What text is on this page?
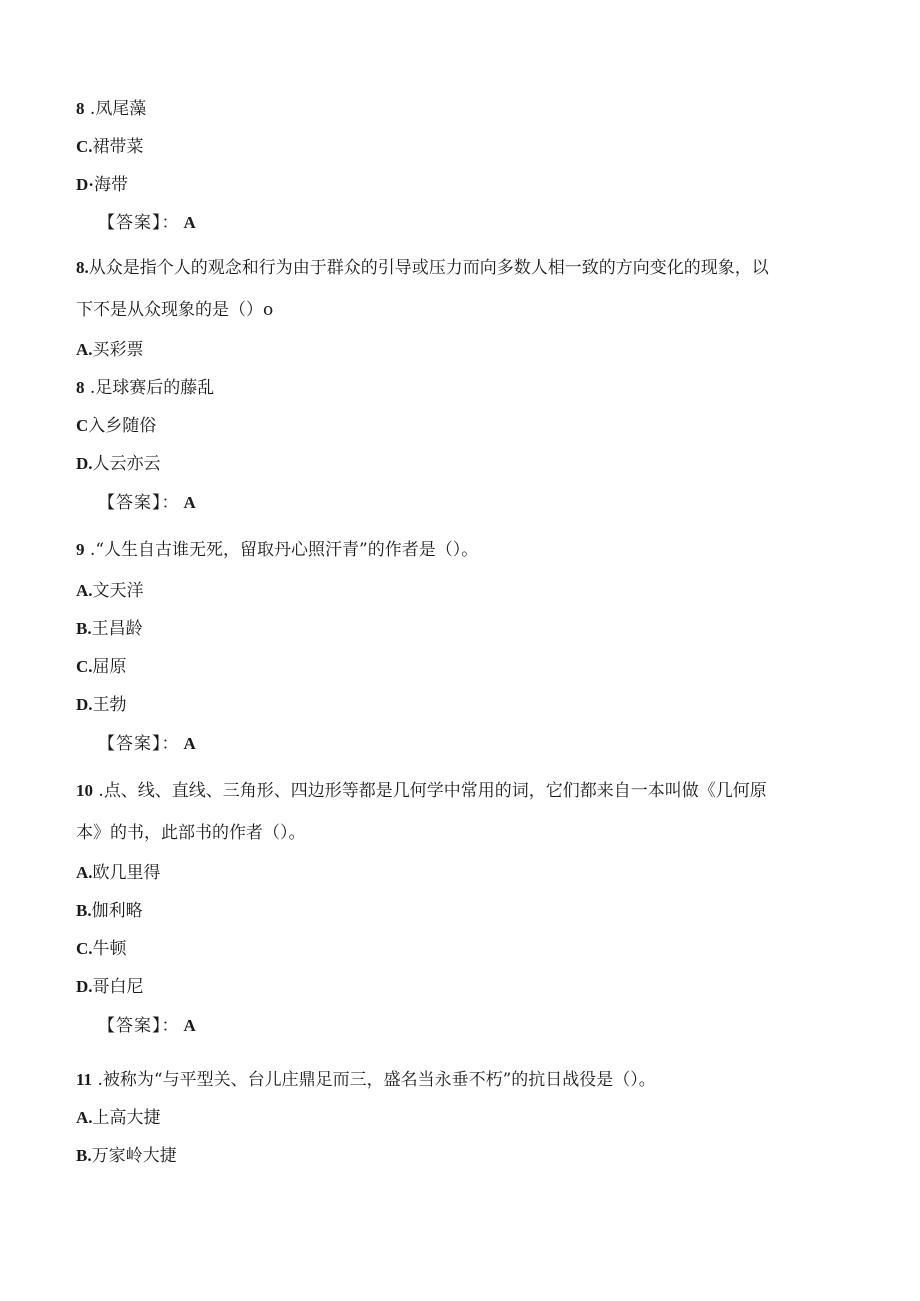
8 .凤尾藻
C.裙带菜
D·海带
【答案】： A
8.从众是指个人的观念和行为由于群众的引导或压力而向多数人相一致的方向变化的现象，以
下不是从众现象的是（）o
A.买彩票
8 .足球赛后的藤乱
C入乡随俗
D.人云亦云
【答案】： A
9 .“人生自古谁无死，留取丹心照汗青”的作者是（）。
A.文天洋
B.王昌龄
C.屈原
D.王勃
【答案】： A
10 .点、线、直线、三角形、四边形等都是几何学中常用的词，它们都来自一本叫做《几何原
本》的书，此部书的作者（）。
A.欧几里得
B.伽利略
C.牛顿
D.哥白尼
【答案】： A
11 .被称为“与平型关、台儿庄鼎足而三，盛名当永垂不朽”的抗日战役是（）。
A.上高大捷
B.万家岭大捷
